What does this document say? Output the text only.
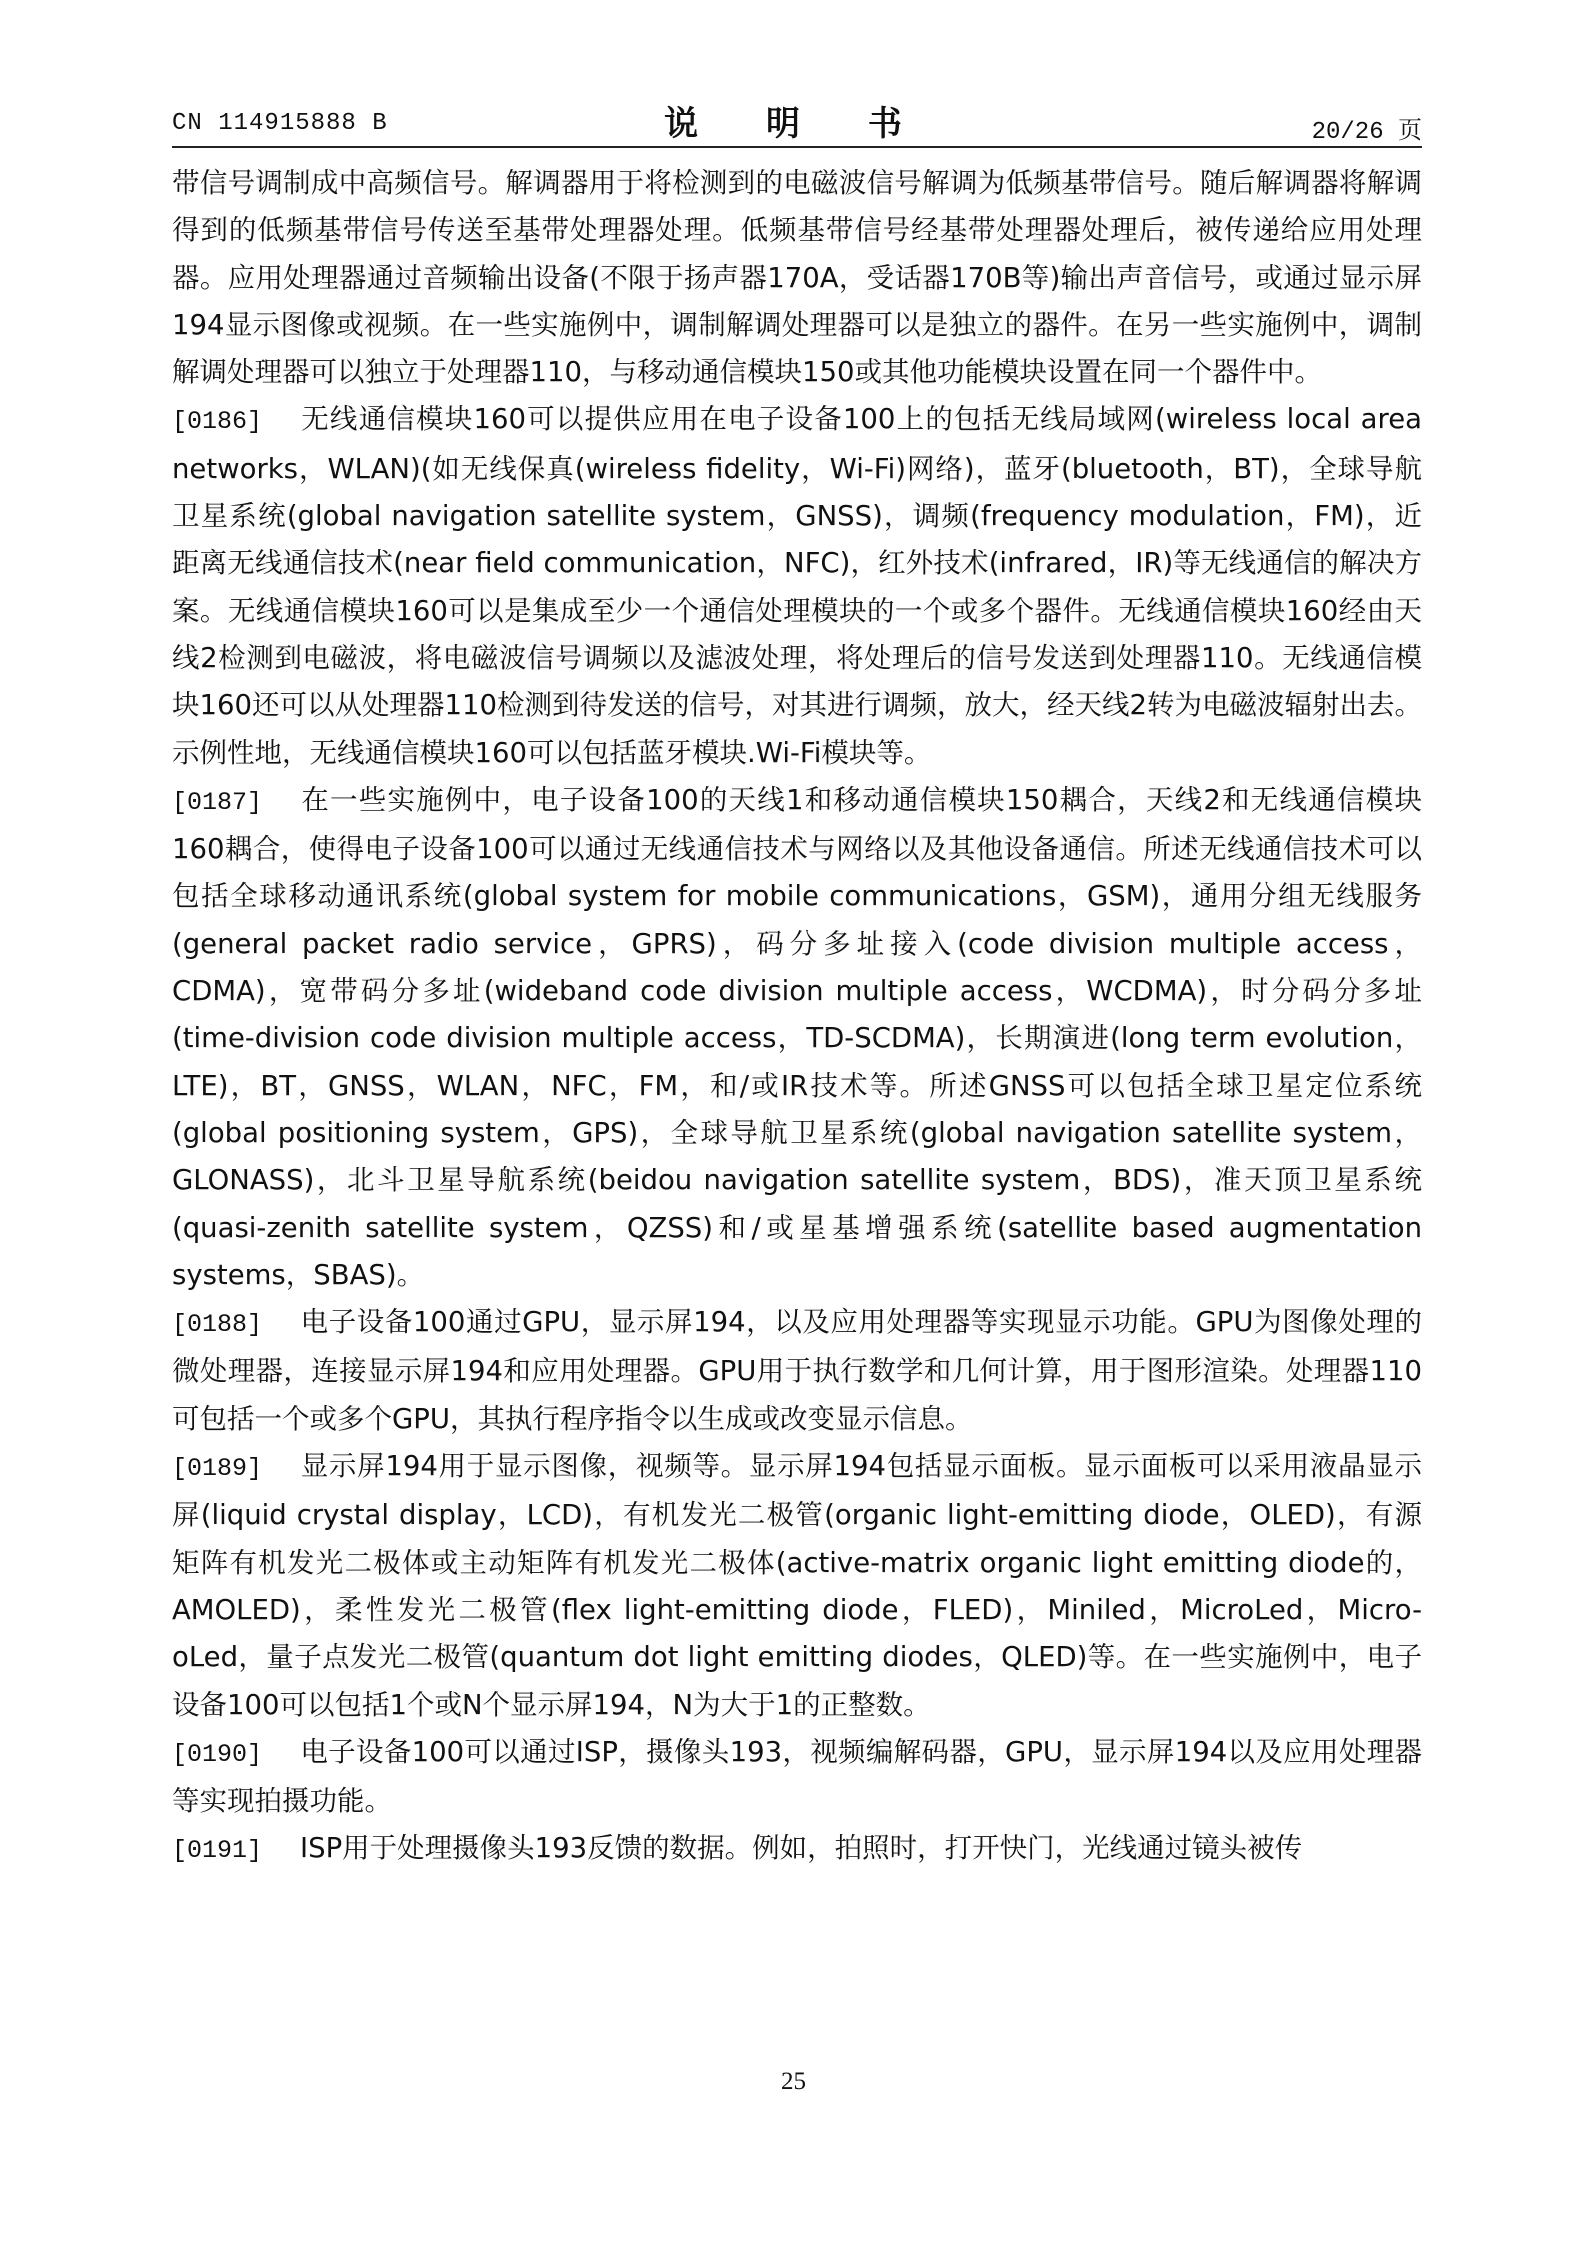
CN 114915888 B	说 明 书	20/26 页

带信号调制成中高频信号。解调器用于将检测到的电磁波信号解调为低频基带信号。随后解调器将解调得到的低频基带信号传送至基带处理器处理。低频基带信号经基带处理器处理后，被传递给应用处理器。应用处理器通过音频输出设备(不限于扬声器170A，受话器170B等)输出声音信号，或通过显示屏194显示图像或视频。在一些实施例中，调制解调处理器可以是独立的器件。在另一些实施例中，调制解调处理器可以独立于处理器110，与移动通信模块150或其他功能模块设置在同一个器件中。

[0186] 无线通信模块160可以提供应用在电子设备100上的包括无线局域网(wireless local area networks，WLAN)(如无线保真(wireless fidelity，Wi-Fi)网络)，蓝牙(bluetooth，BT)，全球导航卫星系统(global navigation satellite system，GNSS)，调频(frequency modulation，FM)，近距离无线通信技术(near field communication，NFC)，红外技术(infrared，IR)等无线通信的解决方案。无线通信模块160可以是集成至少一个通信处理模块的一个或多个器件。无线通信模块160经由天线2检测到电磁波，将电磁波信号调频以及滤波处理，将处理后的信号发送到处理器110。无线通信模块160还可以从处理器110检测到待发送的信号，对其进行调频，放大，经天线2转为电磁波辐射出去。示例性地，无线通信模块160可以包括蓝牙模块.Wi-Fi模块等。

[0187] 在一些实施例中，电子设备100的天线1和移动通信模块150耦合，天线2和无线通信模块160耦合，使得电子设备100可以通过无线通信技术与网络以及其他设备通信。所述无线通信技术可以包括全球移动通讯系统(global system for mobile communications，GSM)，通用分组无线服务(general packet radio service，GPRS)，码分多址接入(code division multiple access，CDMA)，宽带码分多址(wideband code division multiple access，WCDMA)，时分码分多址(time-division code division multiple access，TD-SCDMA)，长期演进(long term evolution，LTE)，BT，GNSS，WLAN，NFC，FM，和/或IR技术等。所述GNSS可以包括全球卫星定位系统(global positioning system，GPS)，全球导航卫星系统(global navigation satellite system，GLONASS)，北斗卫星导航系统(beidou navigation satellite system，BDS)，准天顶卫星系统(quasi-zenith satellite system，QZSS)和/或星基增强系统(satellite based augmentation systems，SBAS)。

[0188] 电子设备100通过GPU，显示屏194，以及应用处理器等实现显示功能。GPU为图像处理的微处理器，连接显示屏194和应用处理器。GPU用于执行数学和几何计算，用于图形渲染。处理器110可包括一个或多个GPU，其执行程序指令以生成或改变显示信息。

[0189] 显示屏194用于显示图像，视频等。显示屏194包括显示面板。显示面板可以采用液晶显示屏(liquid crystal display，LCD)，有机发光二极管(organic light-emitting diode，OLED)，有源矩阵有机发光二极体或主动矩阵有机发光二极体(active-matrix organic light emitting diode的，AMOLED)，柔性发光二极管(flex light-emitting diode，FLED)，Miniled，MicroLed，Micro-oLed，量子点发光二极管(quantum dot light emitting diodes，QLED)等。在一些实施例中，电子设备100可以包括1个或N个显示屏194，N为大于1的正整数。

[0190] 电子设备100可以通过ISP，摄像头193，视频编解码器，GPU，显示屏194以及应用处理器等实现拍摄功能。

[0191] ISP用于处理摄像头193反馈的数据。例如，拍照时，打开快门，光线通过镜头被传

25
